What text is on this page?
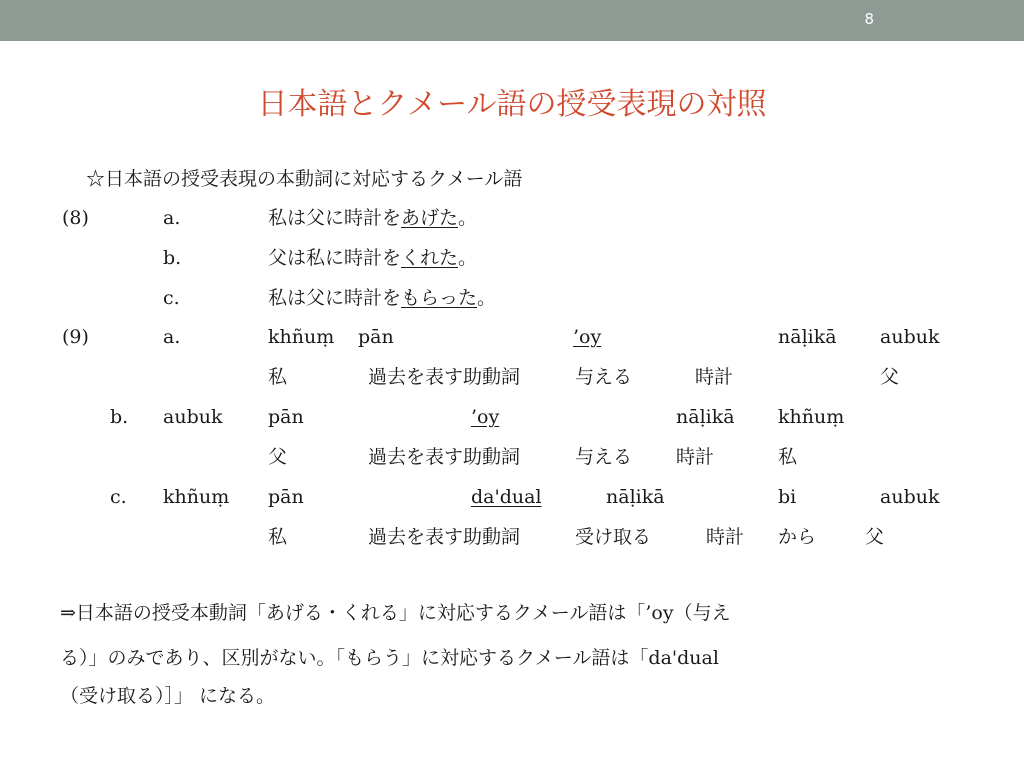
8
日本語とクメール語の授受表現の対照
☆日本語の授受表現の本動詞に対応するクメール語
(8)	a.	私は父に時計をあげた。
b.	父は私に時計をくれた。
c.	私は父に時計をもらった。
(9)	a.	khñuṃ pān	’oy	nāḷikā aubuk
私	過去を表す助動詞	与える	時計	父
b. aubuk pān	’oy	nāḷikā khñuṃ
父	過去を表す助動詞	与える 時計	私
c. khñuṃ pān	da'dual	nāḷikā	bi	aubuk
私	過去を表す助動詞	受け取る	時計 から	父
⇒日本語の授受本動詞「あげる・くれる」に対応するクメール語は「’oy（与え
る）」のみであり、区別がない。「もらう」に対応するクメール語は「da'dual
（受け取る）］」 になる。
